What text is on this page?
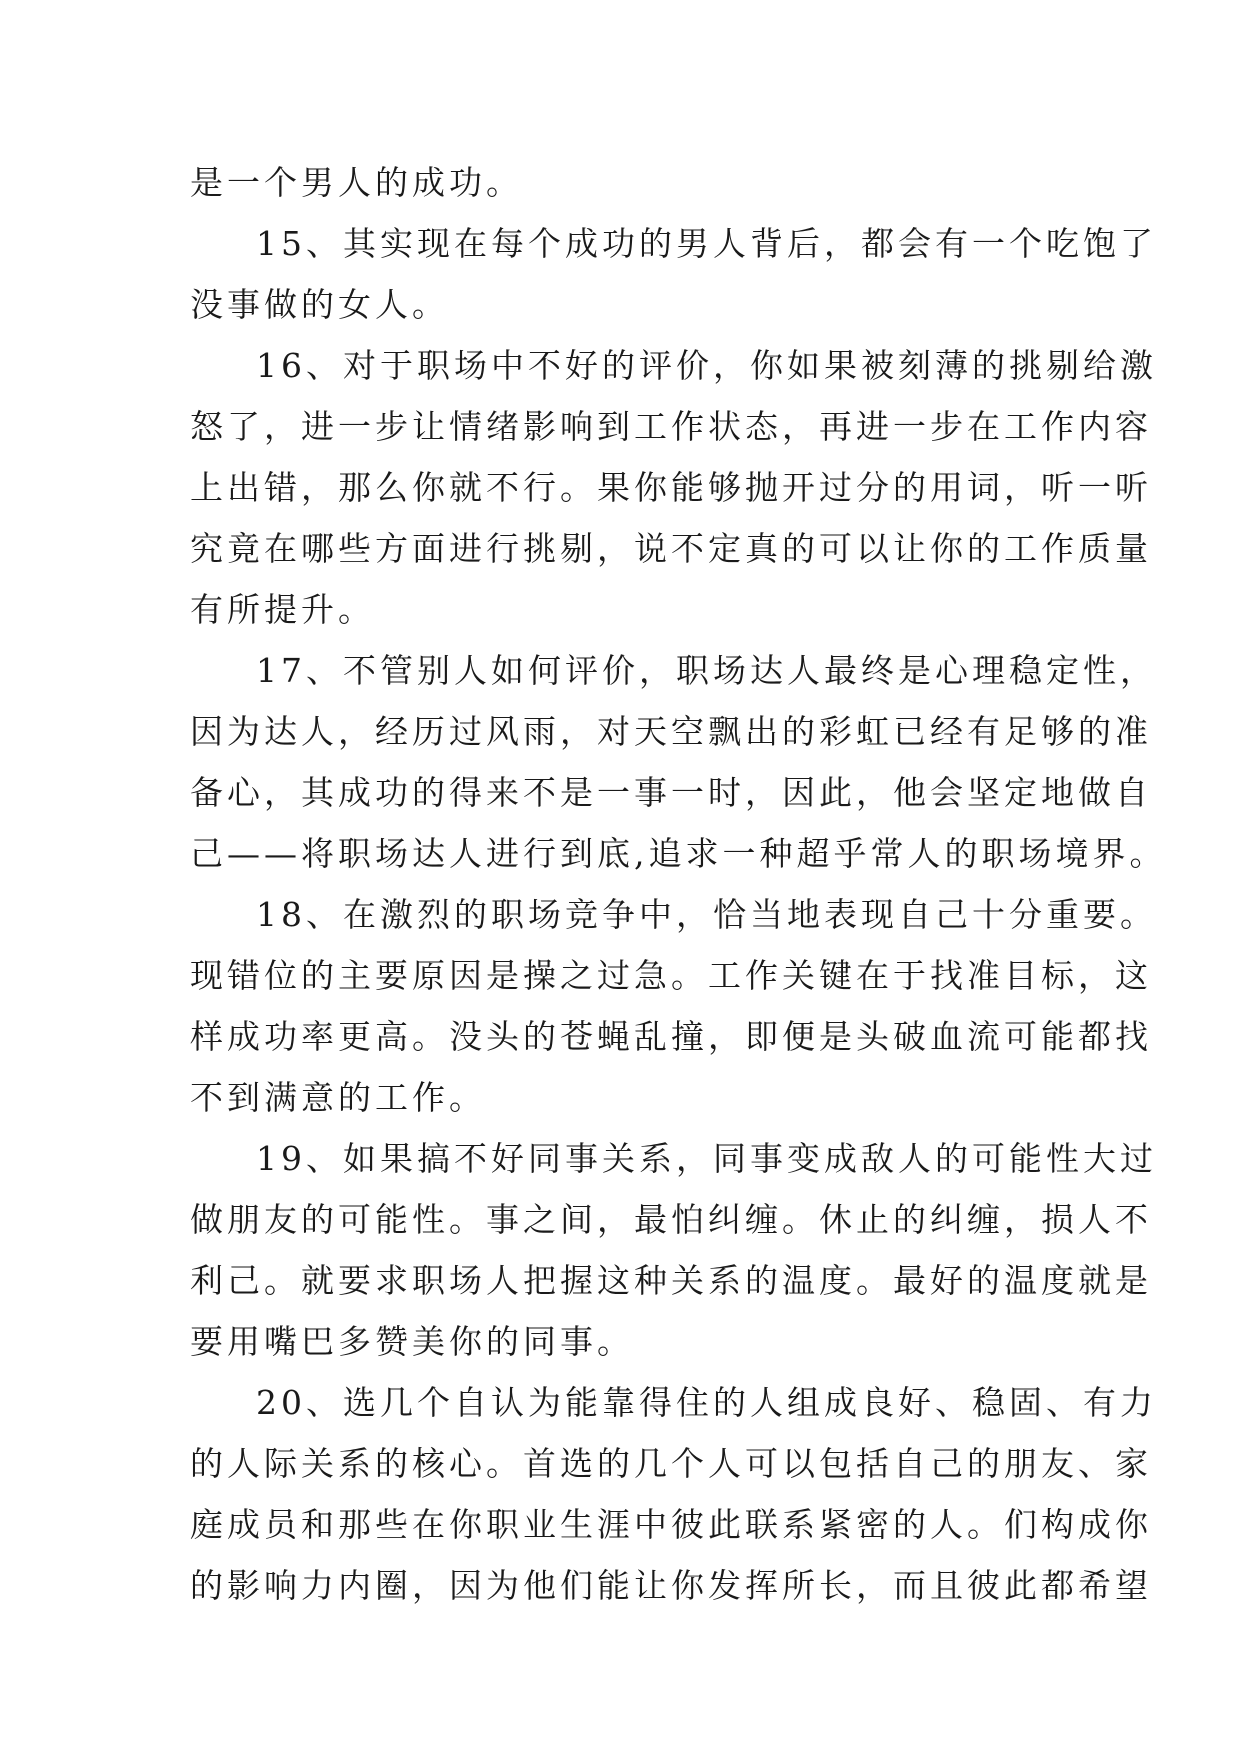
是一个男人的成功。

15、其实现在每个成功的男人背后，都会有一个吃饱了
没事做的女人。

16、对于职场中不好的评价，你如果被刻薄的挑剔给激
怒了，进一步让情绪影响到工作状态，再进一步在工作内容
上出错，那么你就不行。果你能够抛开过分的用词，听一听
究竟在哪些方面进行挑剔，说不定真的可以让你的工作质量
有所提升。

17、不管别人如何评价，职场达人最终是心理稳定性，
因为达人，经历过风雨，对天空飘出的彩虹已经有足够的准
备心，其成功的得来不是一事一时，因此，他会坚定地做自
己——将职场达人进行到底,追求一种超乎常人的职场境界。

18、在激烈的职场竞争中，恰当地表现自己十分重要。
现错位的主要原因是操之过急。工作关键在于找准目标，这
样成功率更高。没头的苍蝇乱撞，即便是头破血流可能都找
不到满意的工作。

19、如果搞不好同事关系，同事变成敌人的可能性大过
做朋友的可能性。事之间，最怕纠缠。休止的纠缠，损人不
利己。就要求职场人把握这种关系的温度。最好的温度就是
要用嘴巴多赞美你的同事。

20、选几个自认为能靠得住的人组成良好、稳固、有力
的人际关系的核心。首选的几个人可以包括自己的朋友、家
庭成员和那些在你职业生涯中彼此联系紧密的人。们构成你
的影响力内圈，因为他们能让你发挥所长，而且彼此都希望
